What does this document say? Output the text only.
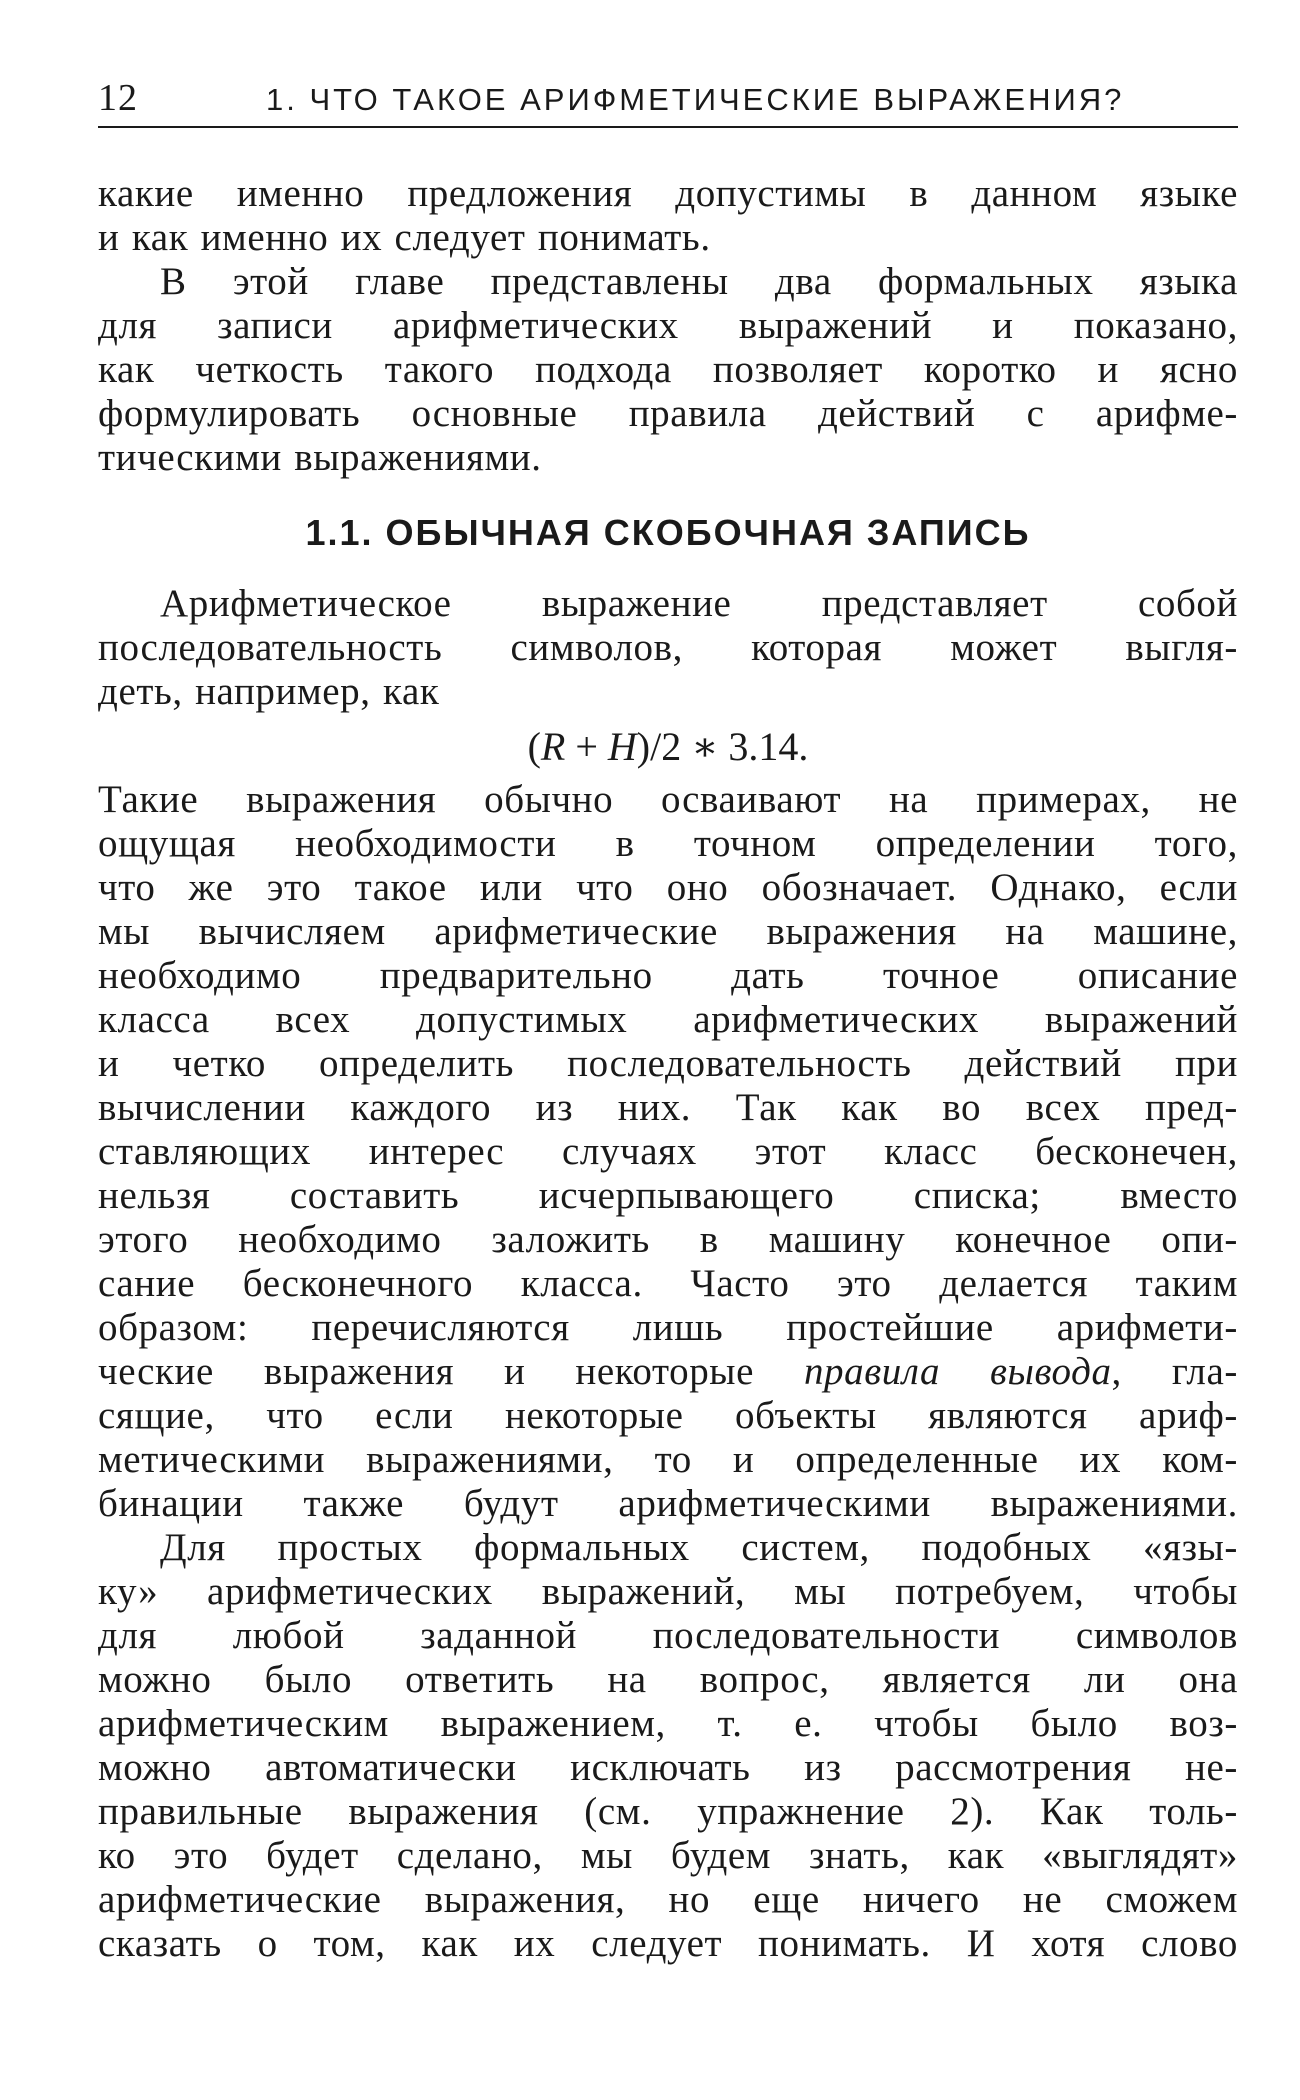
12	1. ЧТО ТАКОЕ АРИФМЕТИЧЕСКИЕ ВЫРАЖЕНИЯ?

какие именно предложения допустимы в данном языке
и как именно их следует понимать.

В этой главе представлены два формальных языка
для записи арифметических выражений и показано,
как четкость такого подхода позволяет коротко и ясно
формулировать основные правила действий с арифме-
тическими выражениями.

1.1. ОБЫЧНАЯ СКОБОЧНАЯ ЗАПИСЬ

Арифметическое выражение представляет собой
последовательность символов, которая может выгля-
деть, например, как

(R + H)/2 ∗ 3.14.

Такие выражения обычно осваивают на примерах, не
ощущая необходимости в точном определении того,
что же это такое или что оно обозначает. Однако, если
мы вычисляем арифметические выражения на машине,
необходимо предварительно дать точное описание
класса всех допустимых арифметических выражений
и четко определить последовательность действий при
вычислении каждого из них. Так как во всех пред-
ставляющих интерес случаях этот класс бесконечен,
нельзя составить исчерпывающего списка; вместо
этого необходимо заложить в машину конечное опи-
сание бесконечного класса. Часто это делается таким
образом: перечисляются лишь простейшие арифмети-
ческие выражения и некоторые правила вывода, гла-
сящие, что если некоторые объекты являются ариф-
метическими выражениями, то и определенные их ком-
бинации также будут арифметическими выражениями.

Для простых формальных систем, подобных «язы-
ку» арифметических выражений, мы потребуем, чтобы
для любой заданной последовательности символов
можно было ответить на вопрос, является ли она
арифметическим выражением, т. е. чтобы было воз-
можно автоматически исключать из рассмотрения не-
правильные выражения (см. упражнение 2). Как толь-
ко это будет сделано, мы будем знать, как «выглядят»
арифметические выражения, но еще ничего не сможем
сказать о том, как их следует понимать. И хотя слово
